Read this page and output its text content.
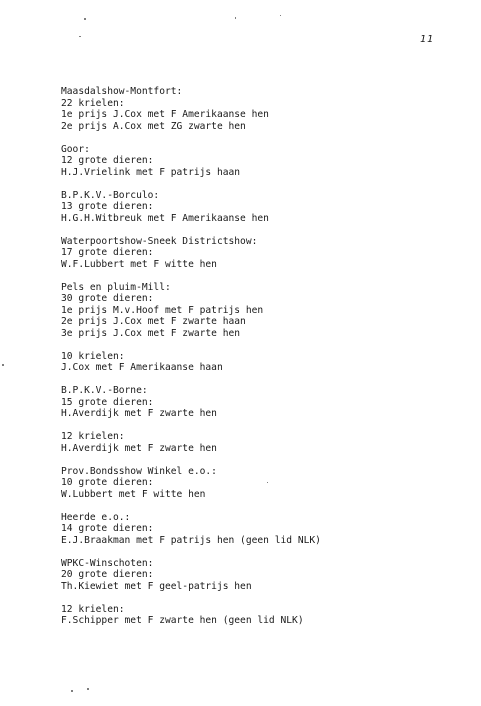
11
Maasdalshow-Montfort:
22 krielen:
1e prijs J.Cox met F Amerikaanse hen
2e prijs A.Cox met ZG zwarte hen
Goor:
12 grote dieren:
H.J.Vrielink met F patrijs haan
B.P.K.V.-Borculo:
13 grote dieren:
H.G.H.Witbreuk met F Amerikaanse hen
Waterpoortshow-Sneek Districtshow:
17 grote dieren:
W.F.Lubbert met F witte hen
Pels en pluim-Mill:
30 grote dieren:
1e prijs M.v.Hoof met F patrijs hen
2e prijs J.Cox met F zwarte haan
3e prijs J.Cox met F zwarte hen
10 krielen:
J.Cox met F Amerikaanse haan
B.P.K.V.-Borne:
15 grote dieren:
H.Averdijk met F zwarte hen
12 krielen:
H.Averdijk met F zwarte hen
Prov.Bondsshow Winkel e.o.:
10 grote dieren:
W.Lubbert met F witte hen
Heerde e.o.:
14 grote dieren:
E.J.Braakman met F patrijs hen (geen lid NLK)
WPKC-Winschoten:
20 grote dieren:
Th.Kiewiet met F geel-patrijs hen
12 krielen:
F.Schipper met F zwarte hen (geen lid NLK)
